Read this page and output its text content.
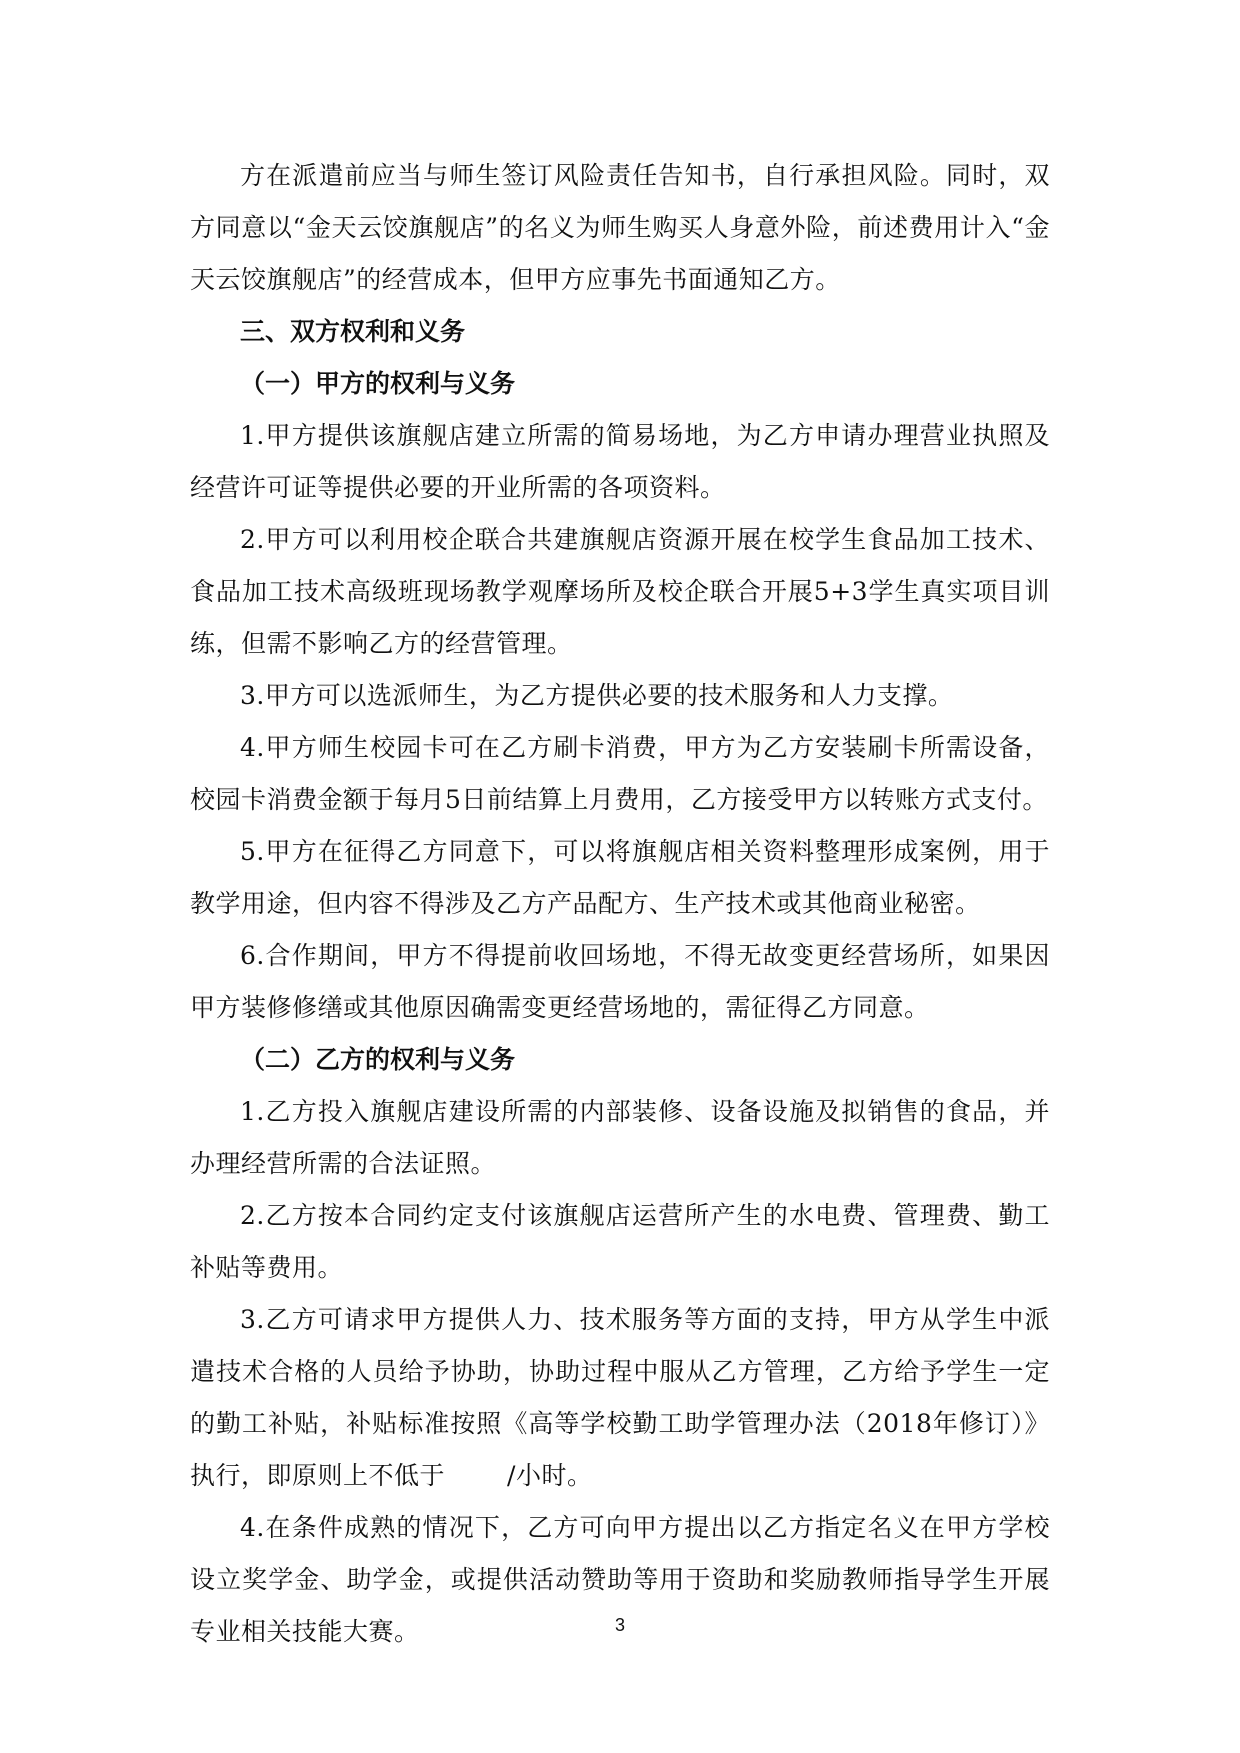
方在派遣前应当与师生签订风险责任告知书，自行承担风险。同时，双方同意以“金天云饺旗舰店”的名义为师生购买人身意外险，前述费用计入“金天云饺旗舰店”的经营成本，但甲方应事先书面通知乙方。

三、双方权利和义务

（一）甲方的权利与义务

1.甲方提供该旗舰店建立所需的简易场地，为乙方申请办理营业执照及经营许可证等提供必要的开业所需的各项资料。

2.甲方可以利用校企联合共建旗舰店资源开展在校学生食品加工技术、食品加工技术高级班现场教学观摩场所及校企联合开展5+3学生真实项目训练，但需不影响乙方的经营管理。

3.甲方可以选派师生，为乙方提供必要的技术服务和人力支撑。

4.甲方师生校园卡可在乙方刷卡消费，甲方为乙方安装刷卡所需设备，校园卡消费金额于每月5日前结算上月费用，乙方接受甲方以转账方式支付。

5.甲方在征得乙方同意下，可以将旗舰店相关资料整理形成案例，用于教学用途，但内容不得涉及乙方产品配方、生产技术或其他商业秘密。

6.合作期间，甲方不得提前收回场地，不得无故变更经营场所，如果因甲方装修修缮或其他原因确需变更经营场地的，需征得乙方同意。

（二）乙方的权利与义务

1.乙方投入旗舰店建设所需的内部装修、设备设施及拟销售的食品，并办理经营所需的合法证照。

2.乙方按本合同约定支付该旗舰店运营所产生的水电费、管理费、勤工补贴等费用。

3.乙方可请求甲方提供人力、技术服务等方面的支持，甲方从学生中派遣技术合格的人员给予协助，协助过程中服从乙方管理，乙方给予学生一定的勤工补贴，补贴标准按照《高等学校勤工助学管理办法（2018年修订）》执行，即原则上不低于 /小时。

4.在条件成熟的情况下，乙方可向甲方提出以乙方指定名义在甲方学校设立奖学金、助学金，或提供活动赞助等用于资助和奖励教师指导学生开展专业相关技能大赛。	3
